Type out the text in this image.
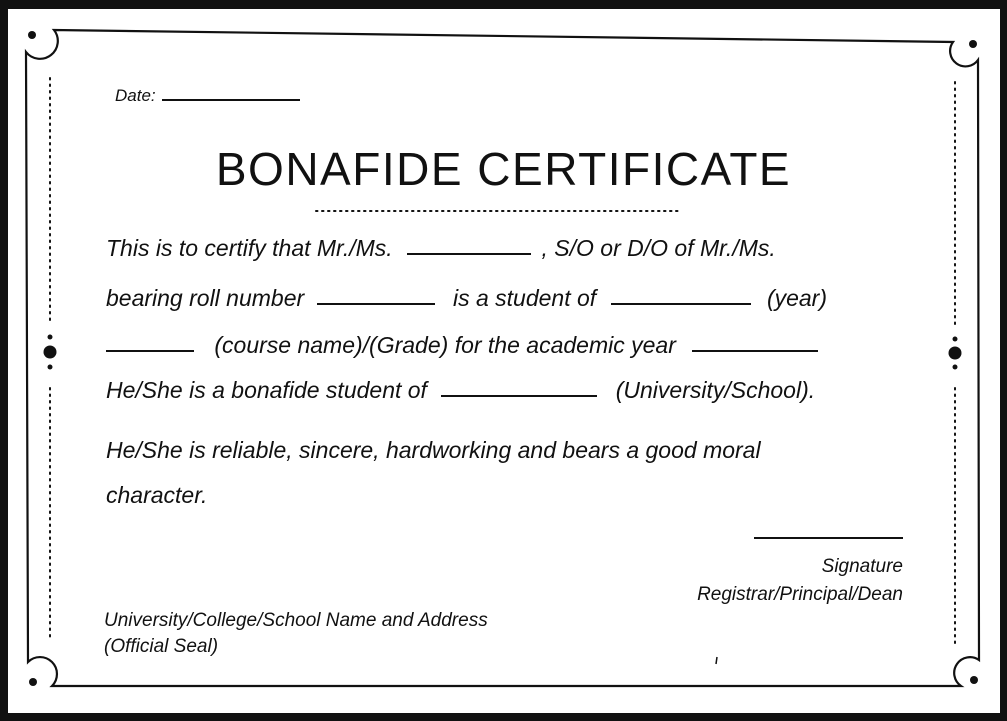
Date:
BONAFIDE CERTIFICATE
This is to certify that Mr./Ms.	, S/O or D/O of Mr./Ms.
bearing roll number	is a student of	(year)
(course name)/(Grade) for the academic year
He/She is a bonafide student of	(University/School).
He/She is reliable, sincere, hardworking and bears a good moral
character.
Signature
Registrar/Principal/Dean
University/College/School Name and Address
(Official Seal)
